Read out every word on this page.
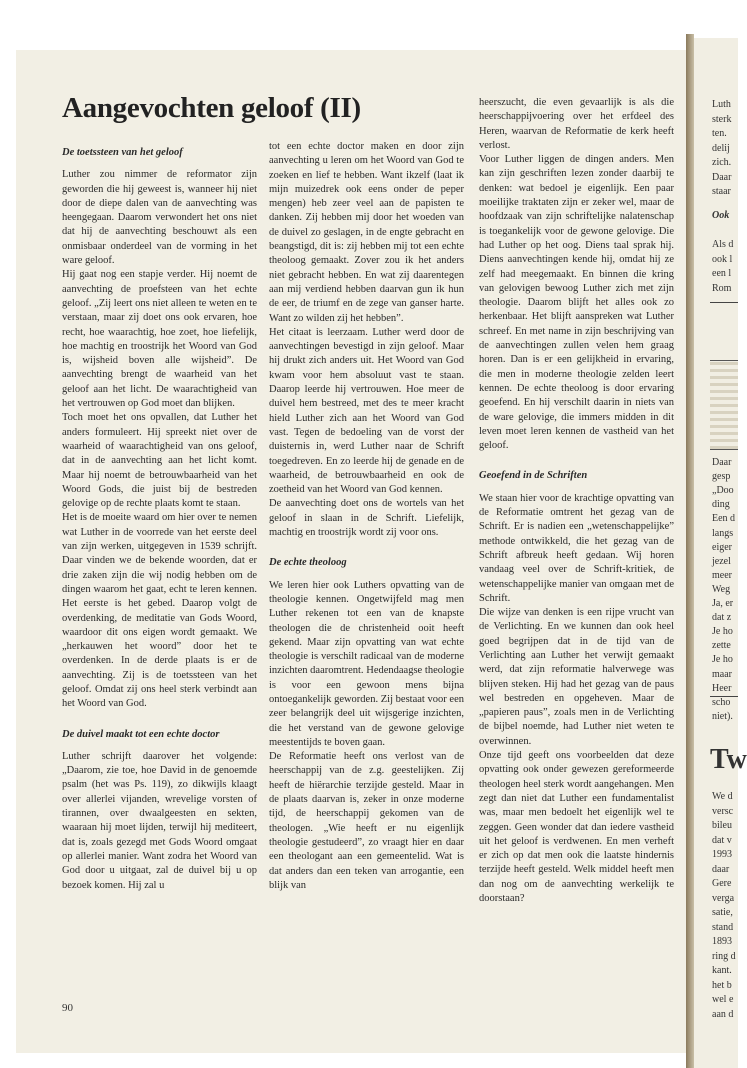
Luth
sterk
ten.
delij
zich.
Daar
staar
Ook
Als d
ook l
een l
Rom
Daar
gesp
„Doo
ding
Een d
langs
eiger
jezel
meer
Weg
Ja, er
dat z
Je ho
zette
Je ho
maar
Heer
scho
niet).
Tw
We d
versc
bileu
dat v
1993
daar
Gere
verga
satie,
stand
1893
ring d
kant.
het b
wel e
aan d
Aangevochten geloof (II)
De toetssteen van het geloof

Luther zou nimmer de reformator zijn geworden die hij geweest is, wanneer hij niet door de diepe dalen van de aanvechting was heengegaan. Daarom verwondert het ons niet dat hij de aanvechting beschouwt als een onmisbaar onderdeel van de vorming in het ware geloof.

Hij gaat nog een stapje verder. Hij noemt de aanvechting de proefsteen van het echte geloof. „Zij leert ons niet alleen te weten en te verstaan, maar zij doet ons ook ervaren, hoe recht, hoe waarachtig, hoe zoet, hoe liefelijk, hoe machtig en troostrijk het Woord van God is, wijsheid boven alle wijsheid”. De aanvechting brengt de waarheid van het geloof aan het licht. De waarachtigheid van het vertrouwen op God moet dan blijken.

Toch moet het ons opvallen, dat Luther het anders formuleert. Hij spreekt niet over de waarheid of waarachtigheid van ons geloof, dat in de aanvechting aan het licht komt. Maar hij noemt de betrouwbaarheid van het Woord Gods, die juist bij de bestreden gelovige op de rechte plaats komt te staan.

Het is de moeite waard om hier over te nemen wat Luther in de voorrede van het eerste deel van zijn werken, uitgegeven in 1539 schrijft. Daar vinden we de bekende woorden, dat er drie zaken zijn die wij nodig hebben om de dingen waarom het gaat, echt te leren kennen. Het eerste is het gebed. Daarop volgt de overdenking, de meditatie van Gods Woord, waardoor dit ons eigen wordt gemaakt. We „herkauwen het woord” door het te overdenken. In de derde plaats is er de aanvechting. Zij is de toetssteen van het geloof. Omdat zij ons heel sterk verbindt aan het Woord van God.

De duivel maakt tot een echte doctor

Luther schrijft daarover het volgende: „Daarom, zie toe, hoe David in de genoemde psalm (het was Ps. 119), zo dikwijls klaagt over allerlei vijanden, wrevelige vorsten of tirannen, over dwaalgeesten en sekten, waaraan hij moet lijden, terwijl hij mediteert, dat is, zoals gezegd met Gods Woord omgaat op allerlei manier. Want zodra het Woord van God door u uitgaat, zal de duivel bij u op bezoek komen. Hij zal u

tot een echte doctor maken en door zijn aanvechting u leren om het Woord van God te zoeken en lief te hebben. Want ikzelf (laat ik mijn muizedrek ook eens onder de peper mengen) heb zeer veel aan de papisten te danken. Zij hebben mij door het woeden van de duivel zo geslagen, in de engte gebracht en beangstigd, dit is: zij hebben mij tot een echte theoloog gemaakt. Zover zou ik het anders niet gebracht hebben. En wat zij daarentegen aan mij verdiend hebben daarvan gun ik hun de eer, de triumf en de zege van ganser harte. Want zo wilden zij het hebben”.

Het citaat is leerzaam. Luther werd door de aanvechtingen bevestigd in zijn geloof. Maar hij drukt zich anders uit. Het Woord van God kwam voor hem absoluut vast te staan. Daarop leerde hij vertrouwen. Hoe meer de duivel hem bestreed, met des te meer kracht hield Luther zich aan het Woord van God vast. Tegen de bedoeling van de vorst der duisternis in, werd Luther naar de Schrift toegedreven. En zo leerde hij de genade en de waarheid, de betrouwbaarheid en ook de zoetheid van het Woord van God kennen.

De aanvechting doet ons de wortels van het geloof in slaan in de Schrift. Liefelijk, machtig en troostrijk wordt zij voor ons.

De echte theoloog

We leren hier ook Luthers opvatting van de theologie kennen. Ongetwijfeld mag men Luther rekenen tot een van de knapste theologen die de christenheid ooit heeft gekend. Maar zijn opvatting van wat echte theologie is verschilt radicaal van de moderne inzichten daaromtrent. Hedendaagse theologie is voor een gewoon mens bijna ontoegankelijk geworden. Zij bestaat voor een zeer belangrijk deel uit wijsgerige inzichten, die het verstand van de gewone gelovige meestentijds te boven gaan.

De Reformatie heeft ons verlost van de heerschappij van de z.g. geestelijken. Zij heeft de hiërarchie terzijde gesteld. Maar in de plaats daarvan is, zeker in onze moderne tijd, de heerschappij gekomen van de theologen. „Wie heeft er nu eigenlijk theologie gestudeerd”, zo vraagt hier en daar een theologant aan een gemeentelid. Wat is dat anders dan een teken van arrogantie, een blijk van

heerszucht, die even gevaarlijk is als die heerschappijvoering over het erfdeel des Heren, waarvan de Reformatie de kerk heeft verlost.

Voor Luther liggen de dingen anders. Men kan zijn geschriften lezen zonder daarbij te denken: wat bedoel je eigenlijk. Een paar moeilijke traktaten zijn er zeker wel, maar de hoofdzaak van zijn schriftelijke nalatenschap is toegankelijk voor de gewone gelovige. Die had Luther op het oog. Diens taal sprak hij. Diens aanvechtingen kende hij, omdat hij ze zelf had meegemaakt. En binnen die kring van gelovigen bewoog Luther zich met zijn theologie. Daarom blijft het alles ook zo herkenbaar. Het blijft aanspreken wat Luther schreef. En met name in zijn beschrijving van de aanvechtingen zullen velen hem graag horen. Dan is er een gelijkheid in ervaring, die men in moderne theologie zelden leert kennen. De echte theoloog is door ervaring geoefend. En hij verschilt daarin in niets van de ware gelovige, die immers midden in dit leven moet leren kennen de vastheid van het geloof.

Geoefend in de Schriften

We staan hier voor de krachtige opvatting van de Reformatie omtrent het gezag van de Schrift. Er is nadien een „wetenschappelijke” methode ontwikkeld, die het gezag van de Schrift afbreuk heeft gedaan. Wij horen vandaag veel over de Schrift-kritiek, de wetenschappelijke manier van omgaan met de Schrift.

Die wijze van denken is een rijpe vrucht van de Verlichting. En we kunnen dan ook heel goed begrijpen dat in de tijd van de Verlichting aan Luther het verwijt gemaakt werd, dat zijn reformatie halverwege was blijven steken. Hij had het gezag van de paus wel bestreden en opgeheven. Maar de „papieren paus”, zoals men in de Verlichting de bijbel noemde, had Luther niet weten te overwinnen.

Onze tijd geeft ons voorbeelden dat deze opvatting ook onder gewezen gereformeerde theologen heel sterk wordt aangehangen. Men zegt dan niet dat Luther een fundamentalist was, maar men bedoelt het eigenlijk wel te zeggen. Geen wonder dat dan iedere vastheid uit het geloof is verdwenen. En men verheft er zich op dat men ook die laatste hindernis terzijde heeft gesteld. Welk middel heeft men dan nog om de aanvechting werkelijk te doorstaan?

90
